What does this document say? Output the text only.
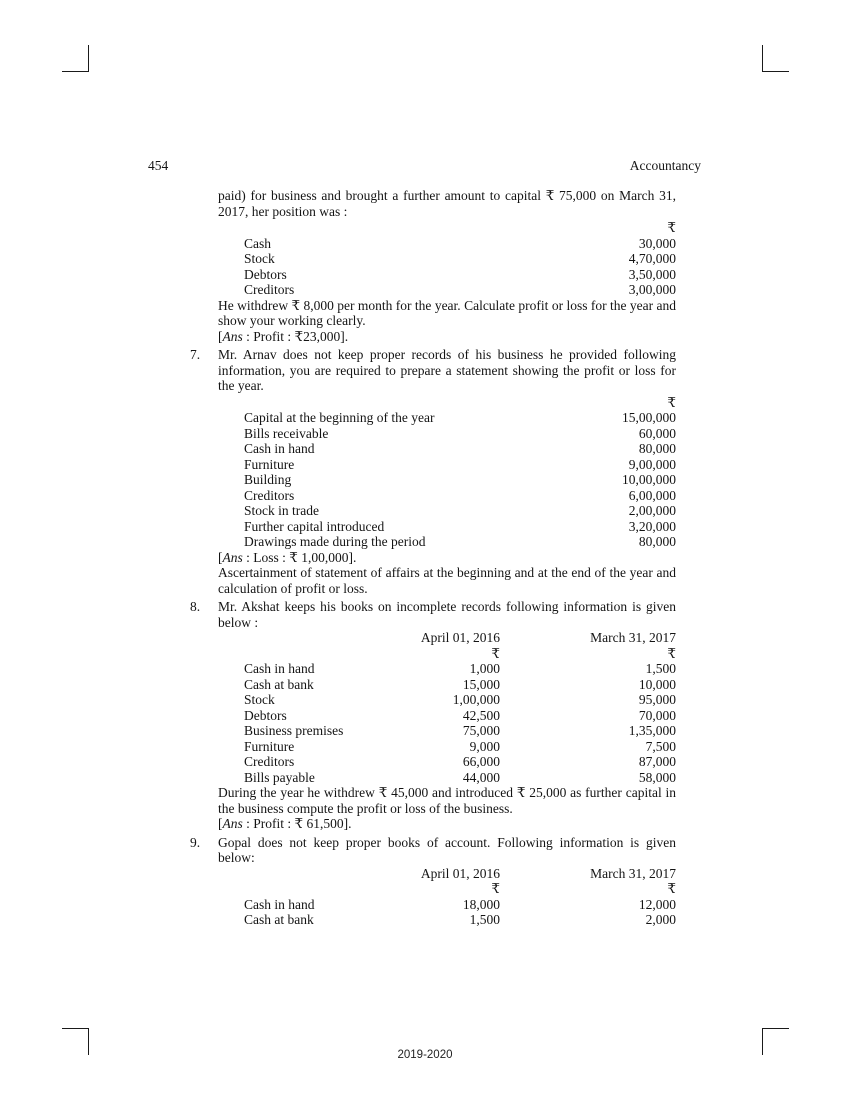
454	Accountancy
paid) for business and brought a further amount to capital ₹ 75,000 on March 31, 2017, her position was :
₹
Cash	30,000
Stock	4,70,000
Debtors	3,50,000
Creditors	3,00,000
He withdrew ₹ 8,000 per month for the year. Calculate profit or loss for the year and show your working clearly.
[Ans : Profit : ₹23,000].
7. Mr. Arnav does not keep proper records of his business he provided following information, you are required to prepare a statement showing the profit or loss for the year.
₹
Capital at the beginning of the year	15,00,000
Bills receivable	60,000
Cash in hand	80,000
Furniture	9,00,000
Building	10,00,000
Creditors	6,00,000
Stock in trade	2,00,000
Further capital introduced	3,20,000
Drawings made during the period	80,000
[Ans : Loss : ₹ 1,00,000].
Ascertainment of statement of affairs at the beginning and at the end of the year and calculation of profit or loss.
8. Mr. Akshat keeps his books on incomplete records following information is given below :
April 01, 2016	March 31, 2017
₹	₹
Cash in hand	1,000	1,500
Cash at bank	15,000	10,000
Stock	1,00,000	95,000
Debtors	42,500	70,000
Business premises	75,000	1,35,000
Furniture	9,000	7,500
Creditors	66,000	87,000
Bills payable	44,000	58,000
During the year he withdrew ₹ 45,000 and introduced ₹ 25,000 as further capital in the business compute the profit or loss of the business.
[Ans : Profit : ₹ 61,500].
9. Gopal does not keep proper books of account. Following information is given below:
April 01, 2016	March 31, 2017
₹	₹
Cash in hand	18,000	12,000
Cash at bank	1,500	2,000
2019-2020
